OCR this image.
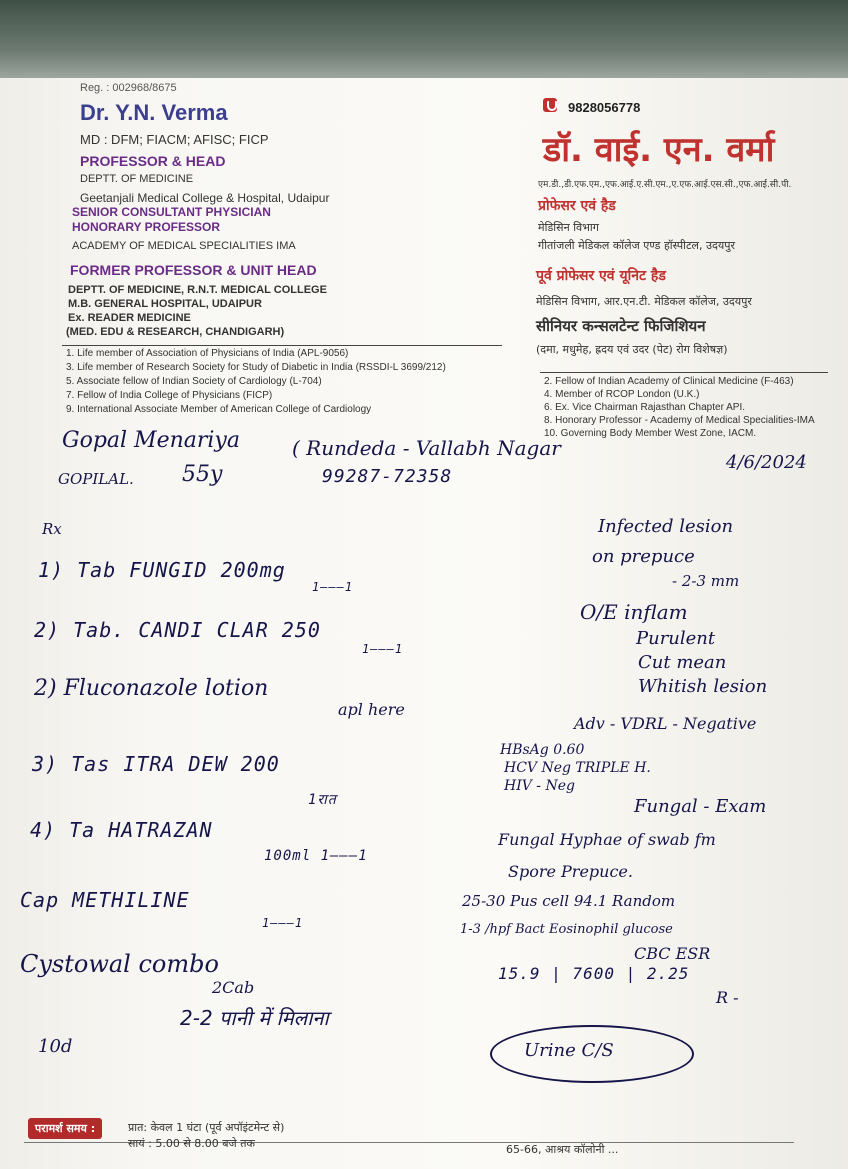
Reg. : 002968/8675
Dr. Y.N. Verma
MD : DFM; FIACM; AFISC; FICP
PROFESSOR & HEAD
DEPTT. OF MEDICINE
Geetanjali Medical College & Hospital, Udaipur
SENIOR CONSULTANT PHYSICIAN
HONORARY PROFESSOR
ACADEMY OF MEDICAL SPECIALITIES IMA
FORMER PROFESSOR & UNIT HEAD
DEPTT. OF MEDICINE, R.N.T. MEDICAL COLLEGE
M.B. GENERAL HOSPITAL, UDAIPUR
Ex. READER MEDICINE
(MED. EDU & RESEARCH, CHANDIGARH)
9828056778
डॉ. वाई. एन. वर्मा
एम.डी.,डी.एफ.एम.,एफ.आई.ए.सी.एम.,ए.एफ.आई.एस.सी.,एफ.आई.सी.पी.
प्रोफेसर एवं हैड
मेडिसिन विभाग
गीतांजली मेडिकल कॉलेज एण्ड हॉस्पीटल, उदयपुर
पूर्व प्रोफेसर एवं यूनिट हैड
मेडिसिन विभाग, आर.एन.टी. मेडिकल कॉलेज, उदयपुर
सीनियर कन्सलटेन्ट फिजिशियन
(दमा, मधुमेह, ह्रदय एवं उदर (पेट) रोग विशेषज्ञ)
1. Life member of Association of Physicians of India (APL-9056)
3. Life member of Research Society for Study of Diabetic in India (RSSDI-L 3699/212)
5. Associate fellow of Indian Society of Cardiology (L-704)
7. Fellow of India College of Physicians (FICP)
9. International Associate Member of American College of Cardiology
2. Fellow of Indian Academy of Clinical Medicine (F-463)
4. Member of RCOP London (U.K.)
6. Ex. Vice Chairman Rajasthan Chapter API.
8. Honorary Professor - Academy of Medical Specialities-IMA
10. Governing Body Member West Zone, IACM.
Gopal Menariya	( Rundeda - Vallabh Nagar
4/6/2024
GOPILAL. 55y	99287-72358
Rx
1) Tab FUNGID 200mg
1———1
2) Tab. CANDI CLAR 250
1———1
2) Fluconazole lotion
apl here
3) Tas ITRA DEW 200
1रात
4) Ta HATRAZAN
100ml 1———1
Cap METHILINE
1———1
Cystowal combo
2Cab
2-2 पानी में मिलाना
10d
Infected lesion
on prepuce
- 2-3 mm
O/E inflam
Purulent
Cut mean
Whitish lesion
Adv - VDRL - Negative
HBsAg 0.60
HCV Neg TRIPLE H.
HIV - Neg
Fungal - Exam
Fungal Hyphae of swab fm
Spore Prepuce.
25-30 Pus cell 94.1 Random
1-3 /hpf Bact Eosinophil glucose
CBC ESR
15.9 | 7600 | 2.25
R -
Urine C/S
परामर्श समय :	प्रात: केवल 1 घंटा (पूर्व अपॉइंटमेन्ट से)
सायं : 5.00 से 8.00 बजे तक	65-66, आश्रय कॉलोनी ...
